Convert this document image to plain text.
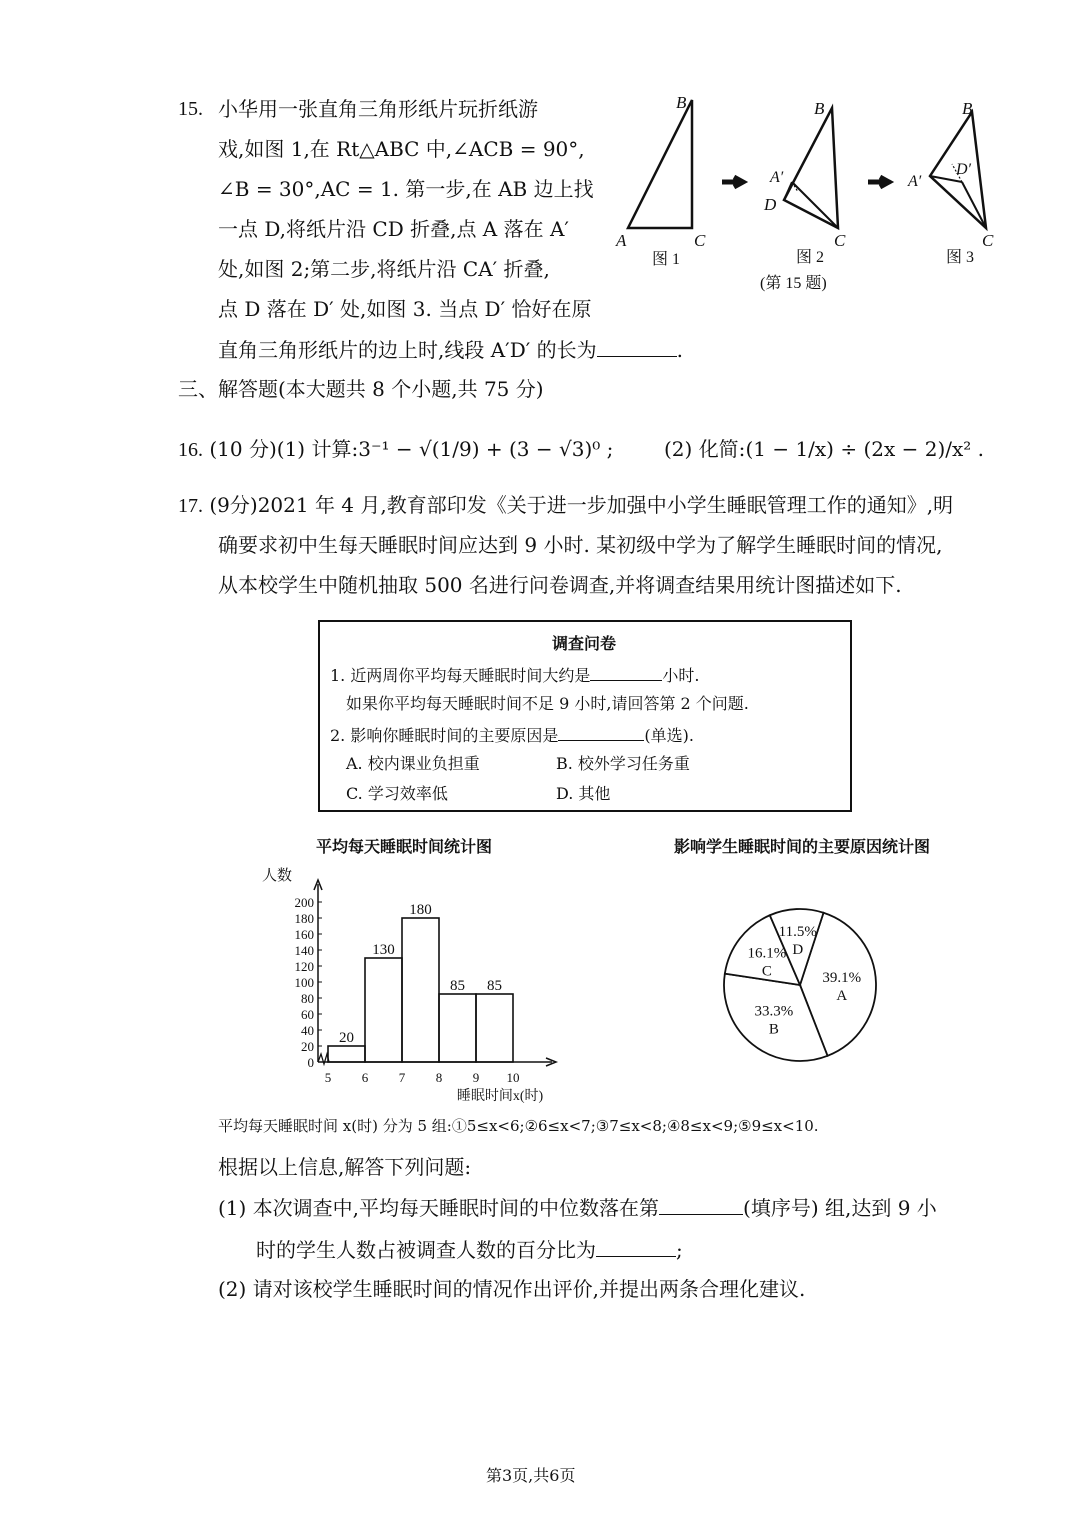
15. 小华用一张直角三角形纸片玩折纸游
戏,如图 1,在 Rt△ABC 中,∠ACB = 90°,
∠B = 30°,AC = 1. 第一步,在 AB 边上找
一点 D,将纸片沿 CD 折叠,点 A 落在 A′
处,如图 2;第二步,将纸片沿 CA′ 折叠,
点 D 落在 D′ 处,如图 3. 当点 D′ 恰好在原
直角三角形纸片的边上时,线段 A′D′ 的长为	.
A
B
C
图 1
B
A′
D
C
图 2
(第 15 题)
B
A′
D′
C
图 3
三、解答题(本大题共 8 个小题,共 75 分)
16. (10 分)(1) 计算:3⁻¹ − √(1/9) + (3 − √3)⁰ ;	(2) 化简:(1 − 1/x) ÷ (2x − 2)/x² .
17. (9分)2021 年 4 月,教育部印发《关于进一步加强中小学生睡眠管理工作的通知》,明
确要求初中生每天睡眠时间应达到 9 小时. 某初级中学为了解学生睡眠时间的情况,
从本校学生中随机抽取 500 名进行问卷调查,并将调查结果用统计图描述如下.
调查问卷
1. 近两周你平均每天睡眠时间大约是	小时.
如果你平均每天睡眠时间不足 9 小时,请回答第 2 个问题.
2. 影响你睡眠时间的主要原因是	(单选).
A. 校内课业负担重	B. 校外学习任务重
C. 学习效率低	D. 其他
平均每天睡眠时间统计图	影响学生睡眠时间的主要原因统计图
0
20
40
60
80
100
120
140
160
180
200
人数
5 6 7 8 9 10
睡眠时间x(时)
20
130
180
85 85
39.1%
A
33.3%
B
16.1%
C
11.5%
D
平均每天睡眠时间 x(时) 分为 5 组:①5≤x<6;②6≤x<7;③7≤x<8;④8≤x<9;⑤9≤x<10.
根据以上信息,解答下列问题:
(1) 本次调查中,平均每天睡眠时间的中位数落在第	(填序号) 组,达到 9 小
时的学生人数占被调查人数的百分比为	;
(2) 请对该校学生睡眠时间的情况作出评价,并提出两条合理化建议.
第3页,共6页
